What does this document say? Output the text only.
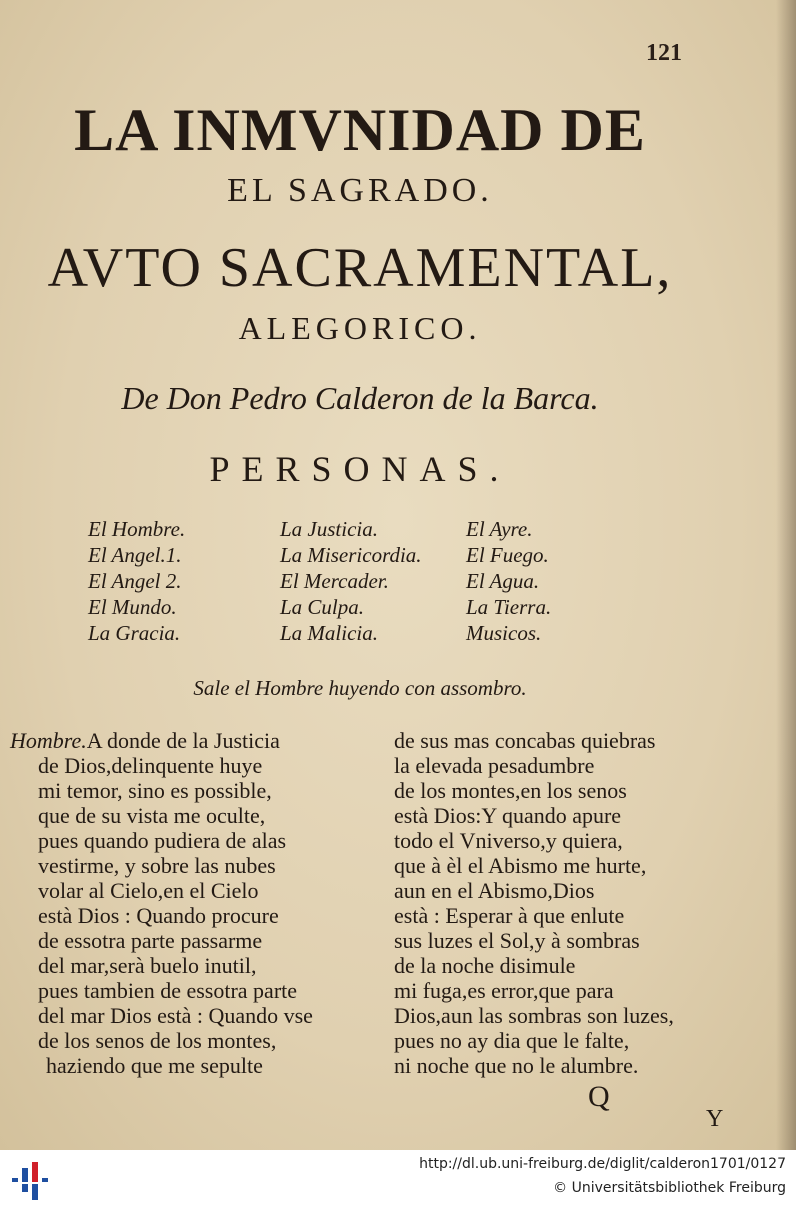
121
LA INMVNIDAD DE
EL SAGRADO.
AVTO SACRAMENTAL,
ALEGORICO.
De Don Pedro Calderon de la Barca.
PERSONAS.
El Hombre.
El Angel.1.
El Angel 2.
El Mundo.
La Gracia.
La Justicia.
La Misericordia.
El Mercader.
La Culpa.
La Malicia.
El Ayre.
El Fuego.
El Agua.
La Tierra.
Musicos.
Sale el Hombre huyendo con assombro.
Hombre.A donde de la Justicia
de Dios,delinquente huye
mi temor, sino es possible,
que de su vista me oculte,
pues quando pudiera de alas
vestirme, y sobre las nubes
volar al Cielo,en el Cielo
està Dios : Quando procure
de essotra parte passarme
del mar,serà buelo inutil,
pues tambien de essotra parte
del mar Dios està : Quando vse
de los senos de los montes,
haziendo que me sepulte
de sus mas concabas quiebras
la elevada pesadumbre
de los montes,en los senos
està Dios:Y quando apure
todo el Vniverso,y quiera,
que à èl el Abismo me hurte,
aun en el Abismo,Dios
està : Esperar à que enlute
sus luzes el Sol,y à sombras
de la noche disimule
mi fuga,es error,que para
Dios,aun las sombras son luzes,
pues no ay dia que le falte,
ni noche que no le alumbre.
Q
Y
http://dl.ub.uni-freiburg.de/diglit/calderon1701/0127
© Universitätsbibliothek Freiburg
